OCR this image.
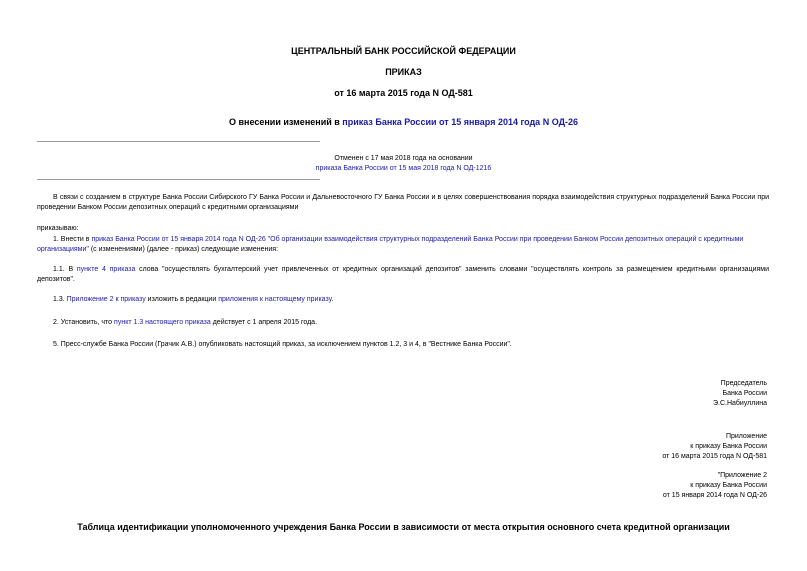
ЦЕНТРАЛЬНЫЙ БАНК РОССИЙСКОЙ ФЕДЕРАЦИИ
ПРИКАЗ
от 16 марта 2015 года N ОД-581
О внесении изменений в приказ Банка России от 15 января 2014 года N ОД-26
Отменен с 17 мая 2018 года на основании
приказа Банка России от 15 мая 2018 года N ОД-1216
В связи с созданием в структуре Банка России Сибирского ГУ Банка России и Дальневосточного ГУ Банка России и в целях совершенствования порядка взаимодействия структурных подразделений Банка России при проведении Банком России депозитных операций с кредитными организациями
приказываю:
1. Внести в приказ Банка России от 15 января 2014 года N ОД-26 "Об организации взаимодействия структурных подразделений Банка России при проведении Банком России депозитных операций с кредитными организациями" (с изменениями) (далее - приказ) следующие изменения:
1.1. В пункте 4 приказа слова "осуществлять бухгалтерский учет привлеченных от кредитных организаций депозитов" заменить словами "осуществлять контроль за размещением кредитными организациями депозитов".
1.3. Приложение 2 к приказу изложить в редакции приложения к настоящему приказу.
2. Установить, что пункт 1.3 настоящего приказа действует с 1 апреля 2015 года.
5. Пресс-службе Банка России (Грачик А.В.) опубликовать настоящий приказ, за исключением пунктов 1.2, 3 и 4, в "Вестнике Банка России".
Председатель
Банка России
Э.С.Набиуллина
Приложение
к приказу Банка России
от 16 марта 2015 года N ОД-581
"Приложение 2
к приказу Банка России
от 15 января 2014 года N ОД-26
Таблица идентификации уполномоченного учреждения Банка России в зависимости от места открытия основного счета кредитной организации
